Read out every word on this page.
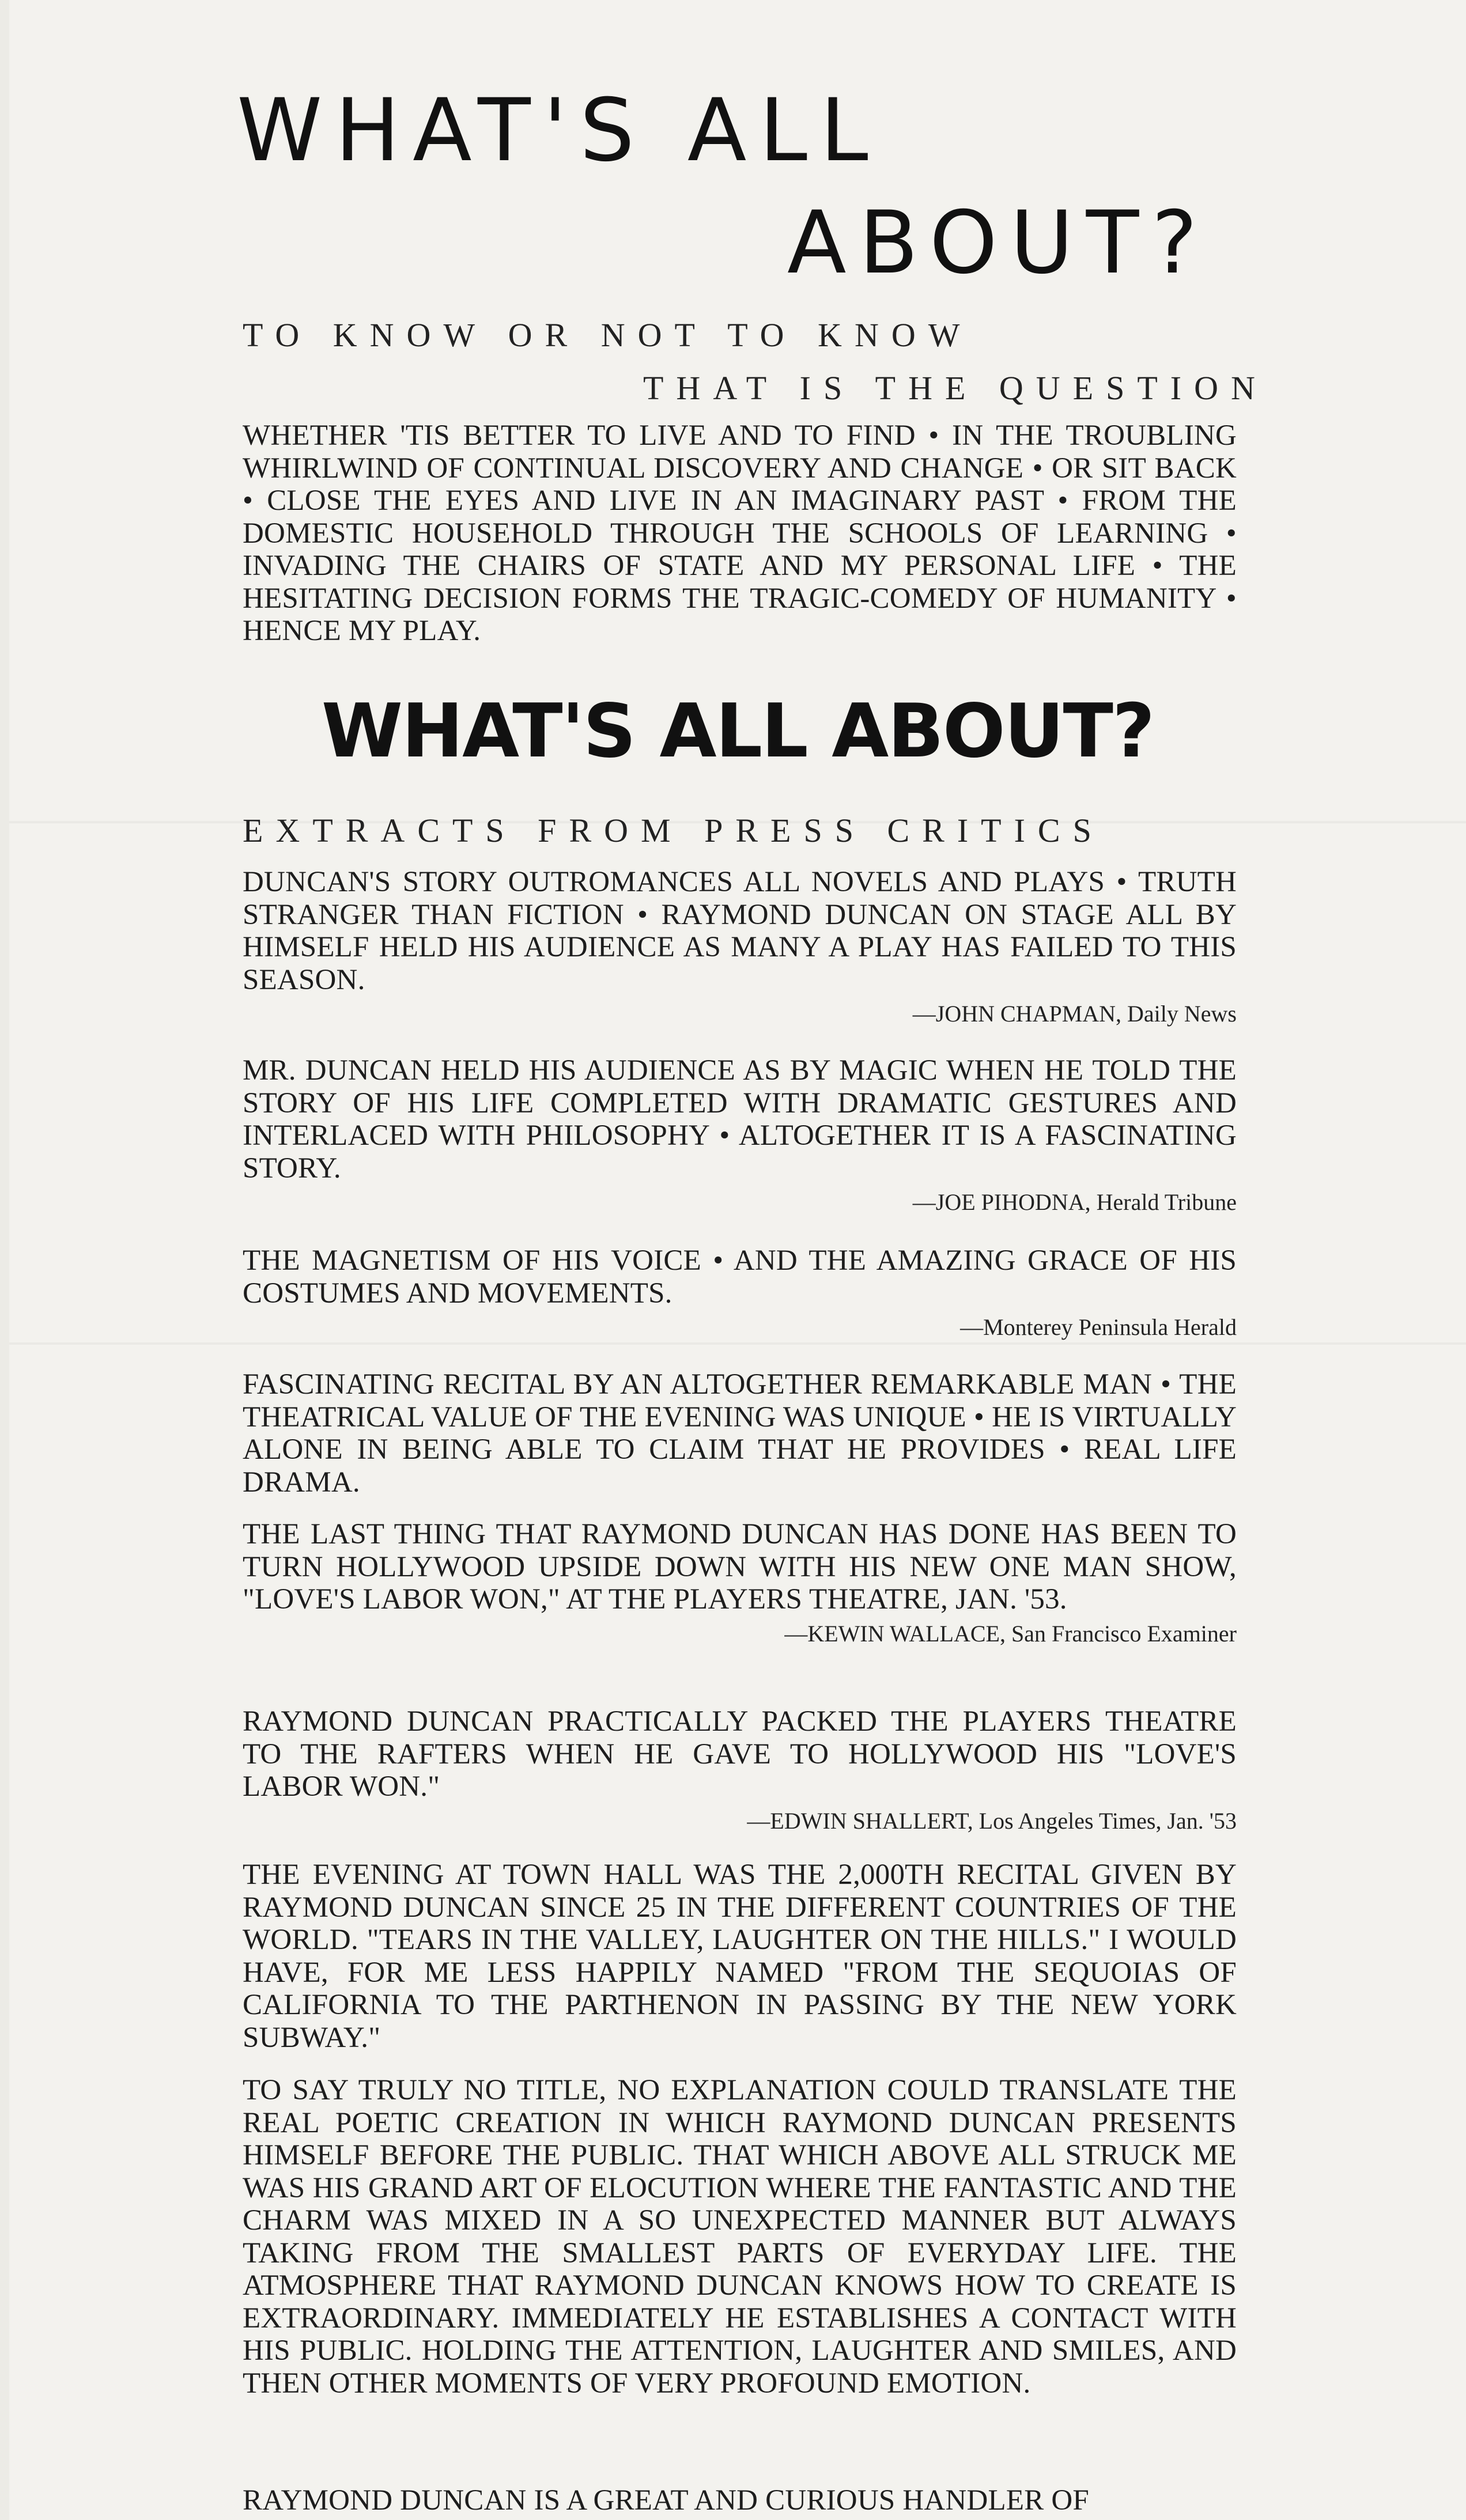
WHAT'S ALL
ABOUT?

TO KNOW OR NOT TO KNOW

THAT IS THE QUESTION

WHETHER 'TIS BETTER TO LIVE AND TO FIND • IN THE TROUBLING WHIRLWIND OF CONTINUAL DISCOVERY AND CHANGE • OR SIT BACK • CLOSE THE EYES AND LIVE IN AN IMAGINARY PAST • FROM THE DOMESTIC HOUSEHOLD THROUGH THE SCHOOLS OF LEARNING • INVADING THE CHAIRS OF STATE AND MY PERSONAL LIFE • THE HESITATING DECISION FORMS THE TRAGIC-COMEDY OF HUMANITY • HENCE MY PLAY.

WHAT'S ALL ABOUT?

EXTRACTS FROM PRESS CRITICS

DUNCAN'S STORY OUTROMANCES ALL NOVELS AND PLAYS • TRUTH STRANGER THAN FICTION • RAYMOND DUNCAN ON STAGE ALL BY HIMSELF HELD HIS AUDIENCE AS MANY A PLAY HAS FAILED TO THIS SEASON.

—JOHN CHAPMAN, Daily News

MR. DUNCAN HELD HIS AUDIENCE AS BY MAGIC WHEN HE TOLD THE STORY OF HIS LIFE COMPLETED WITH DRAMATIC GESTURES AND INTERLACED WITH PHILOSOPHY • ALTOGETHER IT IS A FASCINATING STORY.

—JOE PIHODNA, Herald Tribune

THE MAGNETISM OF HIS VOICE • AND THE AMAZING GRACE OF HIS COSTUMES AND MOVEMENTS.

—Monterey Peninsula Herald

FASCINATING RECITAL BY AN ALTOGETHER REMARKABLE MAN • THE THEATRICAL VALUE OF THE EVENING WAS UNIQUE • HE IS VIRTUALLY ALONE IN BEING ABLE TO CLAIM THAT HE PROVIDES • REAL LIFE DRAMA.

THE LAST THING THAT RAYMOND DUNCAN HAS DONE HAS BEEN TO TURN HOLLYWOOD UPSIDE DOWN WITH HIS NEW ONE MAN SHOW, "LOVE'S LABOR WON," AT THE PLAYERS THEATRE, JAN. '53.

—KEWIN WALLACE, San Francisco Examiner

RAYMOND DUNCAN PRACTICALLY PACKED THE PLAYERS THEATRE TO THE RAFTERS WHEN HE GAVE TO HOLLYWOOD HIS "LOVE'S LABOR WON."

—EDWIN SHALLERT, Los Angeles Times, Jan. '53

THE EVENING AT TOWN HALL WAS THE 2,000TH RECITAL GIVEN BY RAYMOND DUNCAN SINCE 25 IN THE DIFFERENT COUNTRIES OF THE WORLD. "TEARS IN THE VALLEY, LAUGHTER ON THE HILLS." I WOULD HAVE, FOR ME LESS HAPPILY NAMED "FROM THE SEQUOIAS OF CALIFORNIA TO THE PARTHENON IN PASSING BY THE NEW YORK SUBWAY."

TO SAY TRULY NO TITLE, NO EXPLANATION COULD TRANSLATE THE REAL POETIC CREATION IN WHICH RAYMOND DUNCAN PRESENTS HIMSELF BEFORE THE PUBLIC. THAT WHICH ABOVE ALL STRUCK ME WAS HIS GRAND ART OF ELOCUTION WHERE THE FANTASTIC AND THE CHARM WAS MIXED IN A SO UNEXPECTED MANNER BUT ALWAYS TAKING FROM THE SMALLEST PARTS OF EVERYDAY LIFE. THE ATMOSPHERE THAT RAYMOND DUNCAN KNOWS HOW TO CREATE IS EXTRAORDINARY. IMMEDIATELY HE ESTABLISHES A CONTACT WITH HIS PUBLIC. HOLDING THE ATTENTION, LAUGHTER AND SMILES, AND THEN OTHER MOMENTS OF VERY PROFOUND EMOTION.

RAYMOND DUNCAN IS A GREAT AND CURIOUS HANDLER OF
